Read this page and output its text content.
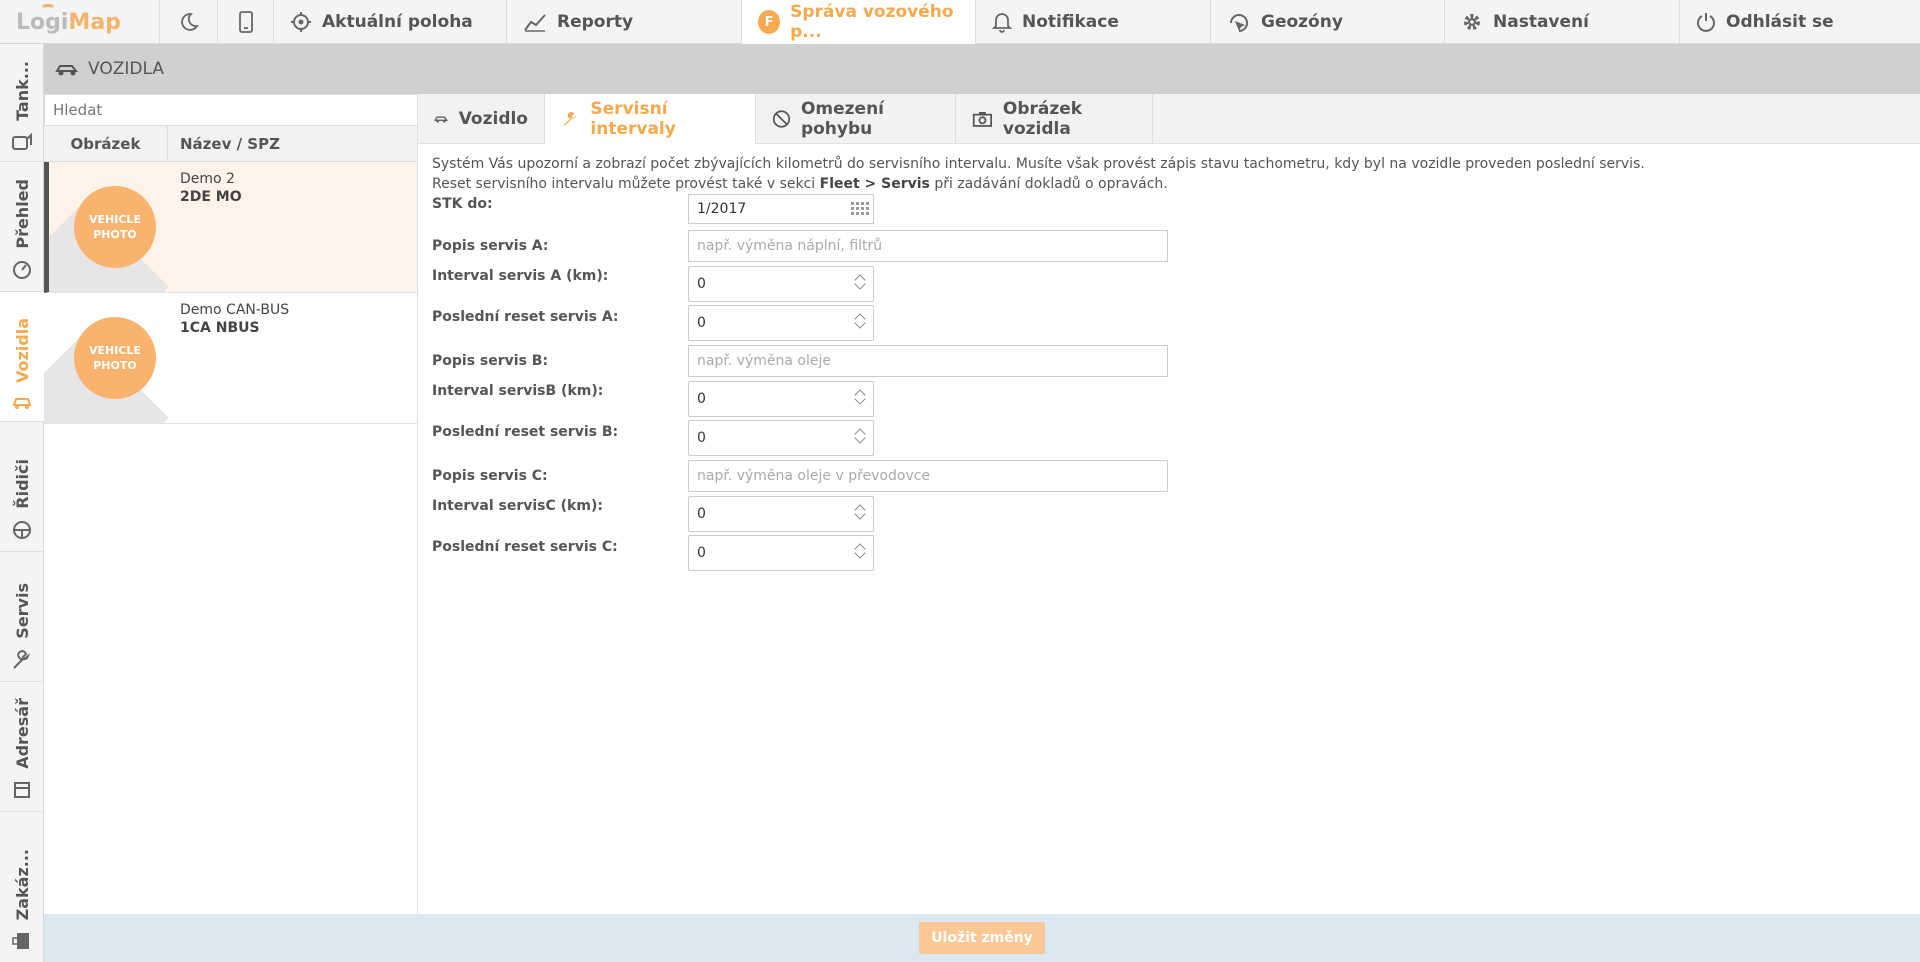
Logi Map	Aktuální poloha	Reporty	F Správa vozového p...	Notifikace	Geozóny	Nastavení	Odhlásit se
Tank...
Přehled
Vozidla
Řidiči
Servis
Adresář
Zakáz...
VOZIDLA
Hledat
Obrázek	Název / SPZ
VEHICLE
PHOTO
Demo 2
2DE MO
VEHICLE
PHOTO
Demo CAN-BUS
1CA NBUS
Vozidlo	Servisní intervaly
Omezení pohybu
Obrázek vozidla
Systém Vás upozorní a zobrazí počet zbývajících kilometrů do servisního intervalu. Musíte však provést zápis stavu tachometru, kdy byl na vozidle proveden poslední servis.
Reset servisního intervalu můžete provést také v sekci Fleet > Servis při zadávání dokladů o opravách.
STK do:	1/2017
Popis servis A:	např. výměna náplní, filtrů
Interval servis A (km):	0
Poslední reset servis A:	0
Popis servis B:	např. výměna oleje
Interval servisB (km):	0
Poslední reset servis B:	0
Popis servis C:	např. výměna oleje v převodovce
Interval servisC (km):	0
Poslední reset servis C:	0
Uložit změny
